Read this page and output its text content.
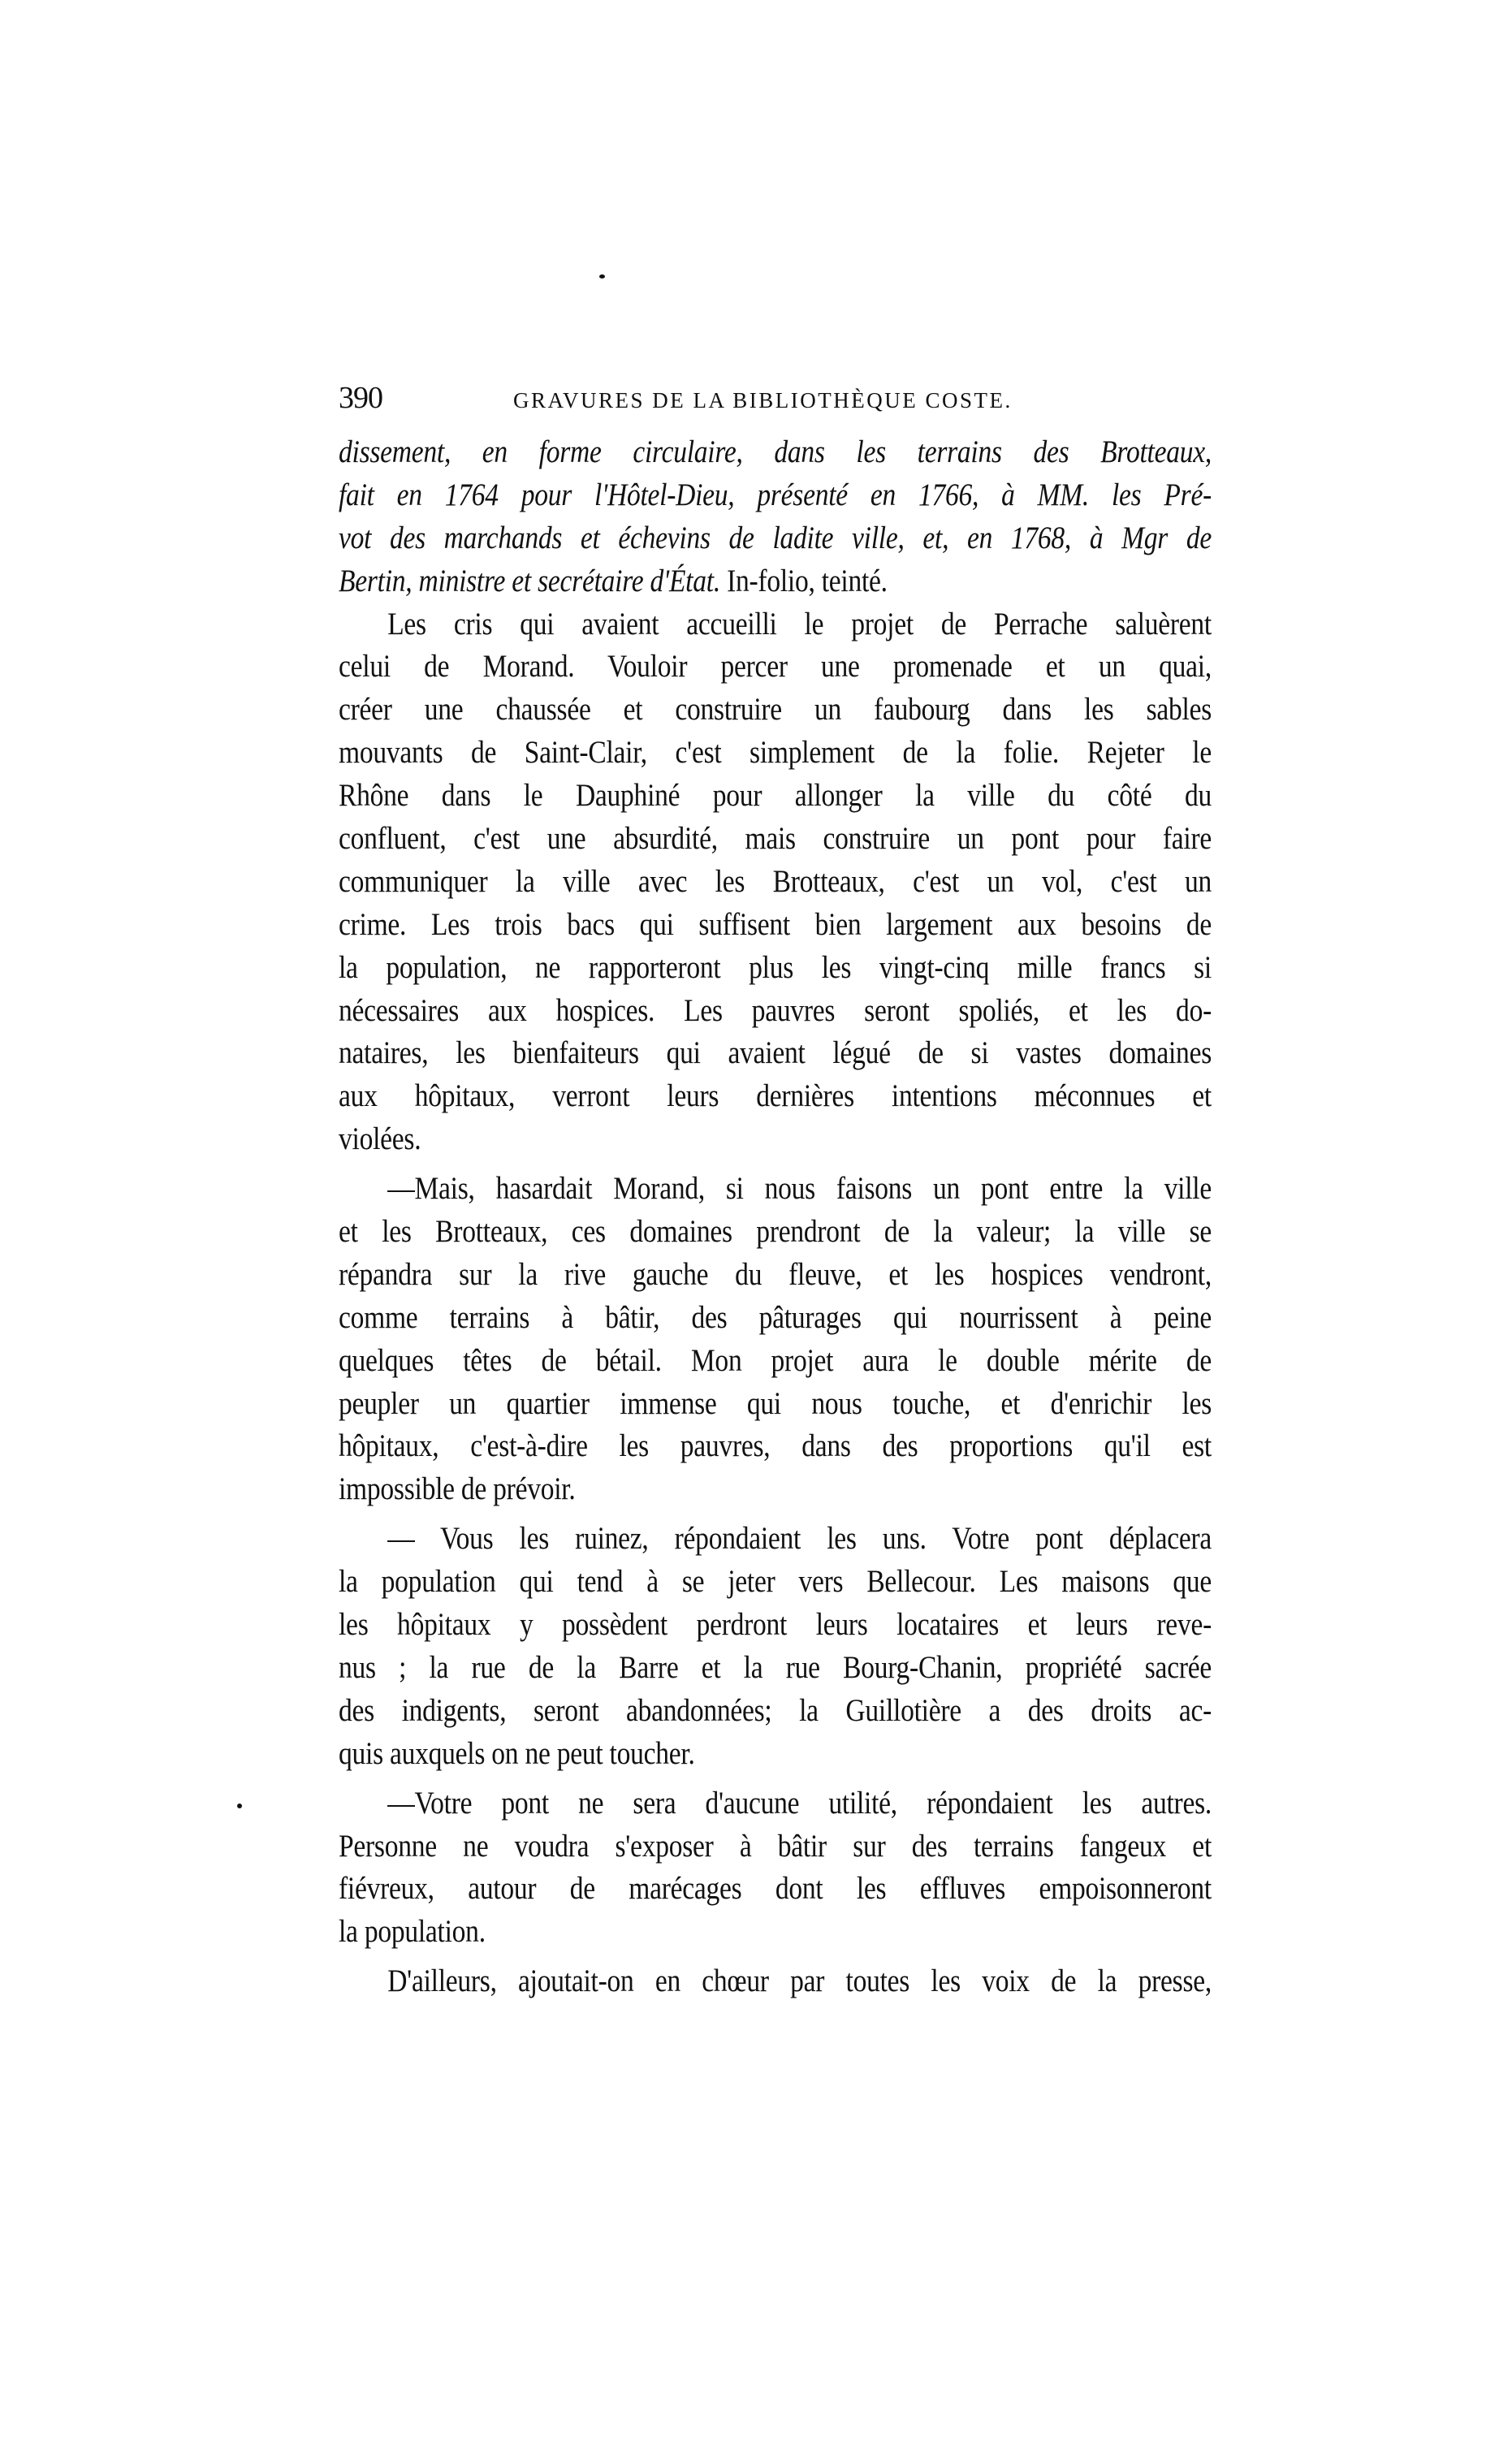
390	GRAVURES DE LA BIBLIOTHÈQUE COSTE.
dissement, en forme circulaire, dans les terrains des Brotteaux,
fait en 1764 pour l'Hôtel-Dieu, présenté en 1766, à MM. les Pré-
vot des marchands et échevins de ladite ville, et, en 1768, à Mgr de
Bertin, ministre et secrétaire d'État. In-folio, teinté.
Les cris qui avaient accueilli le projet de Perrache saluèrent
celui de Morand. Vouloir percer une promenade et un quai,
créer une chaussée et construire un faubourg dans les sables
mouvants de Saint-Clair, c'est simplement de la folie. Rejeter le
Rhône dans le Dauphiné pour allonger la ville du côté du
confluent, c'est une absurdité, mais construire un pont pour faire
communiquer la ville avec les Brotteaux, c'est un vol, c'est un
crime. Les trois bacs qui suffisent bien largement aux besoins de
la population, ne rapporteront plus les vingt-cinq mille francs si
nécessaires aux hospices. Les pauvres seront spoliés, et les do-
nataires, les bienfaiteurs qui avaient légué de si vastes domaines
aux hôpitaux, verront leurs dernières intentions méconnues et
violées.
—Mais, hasardait Morand, si nous faisons un pont entre la ville
et les Brotteaux, ces domaines prendront de la valeur; la ville se
répandra sur la rive gauche du fleuve, et les hospices vendront,
comme terrains à bâtir, des pâturages qui nourrissent à peine
quelques têtes de bétail. Mon projet aura le double mérite de
peupler un quartier immense qui nous touche, et d'enrichir les
hôpitaux, c'est-à-dire les pauvres, dans des proportions qu'il est
impossible de prévoir.
— Vous les ruinez, répondaient les uns. Votre pont déplacera
la population qui tend à se jeter vers Bellecour. Les maisons que
les hôpitaux y possèdent perdront leurs locataires et leurs reve-
nus ; la rue de la Barre et la rue Bourg-Chanin, propriété sacrée
des indigents, seront abandonnées; la Guillotière a des droits ac-
quis auxquels on ne peut toucher.
—Votre pont ne sera d'aucune utilité, répondaient les autres.
Personne ne voudra s'exposer à bâtir sur des terrains fangeux et
fiévreux, autour de marécages dont les effluves empoisonneront
la population.
D'ailleurs, ajoutait-on en chœur par toutes les voix de la presse,
